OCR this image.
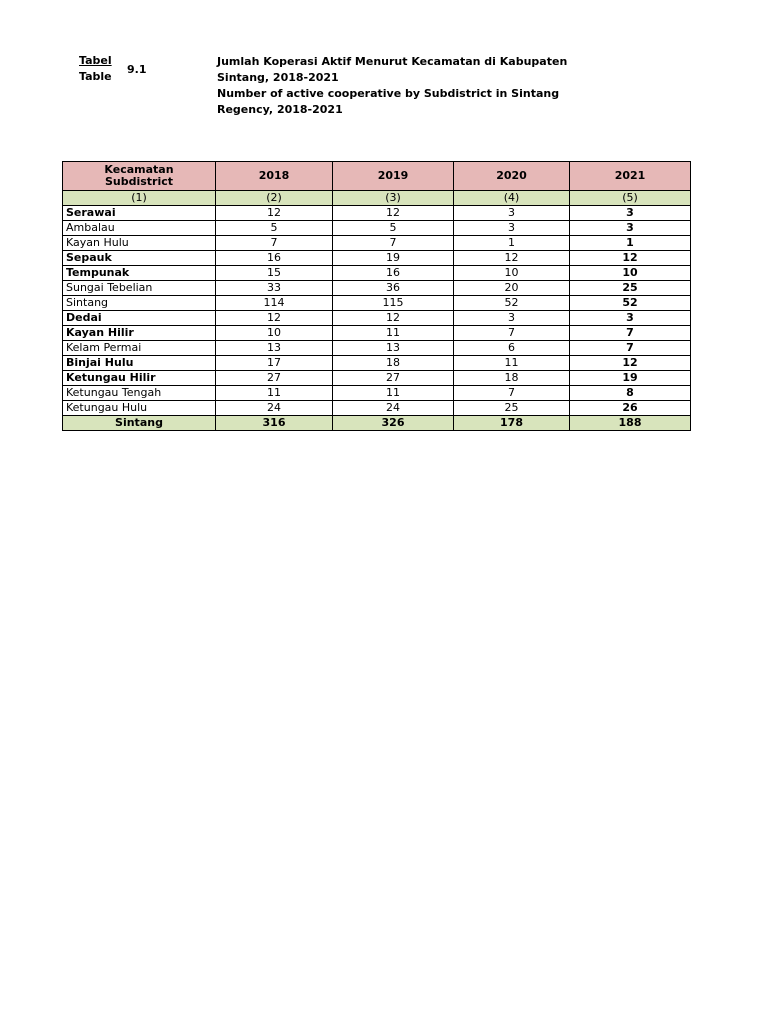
Tabel
Table
9.1
Jumlah Koperasi Aktif Menurut Kecamatan di Kabupaten
Sintang, 2018-2021
Number of active cooperative by Subdistrict in Sintang
Regency, 2018-2021
Kecamatan
Subdistrict	2018	2019	2020	2021
(1)	(2)	(3)	(4)	(5)
Serawai	12	12	3	3
Ambalau	5	5	3	3
Kayan Hulu	7	7	1	1
Sepauk	16	19	12	12
Tempunak	15	16	10	10
Sungai Tebelian	33	36	20	25
Sintang	114	115	52	52
Dedai	12	12	3	3
Kayan Hilir	10	11	7	7
Kelam Permai	13	13	6	7
Binjai Hulu	17	18	11	12
Ketungau Hilir	27	27	18	19
Ketungau Tengah	11	11	7	8
Ketungau Hulu	24	24	25	26
Sintang	316	326	178	188
